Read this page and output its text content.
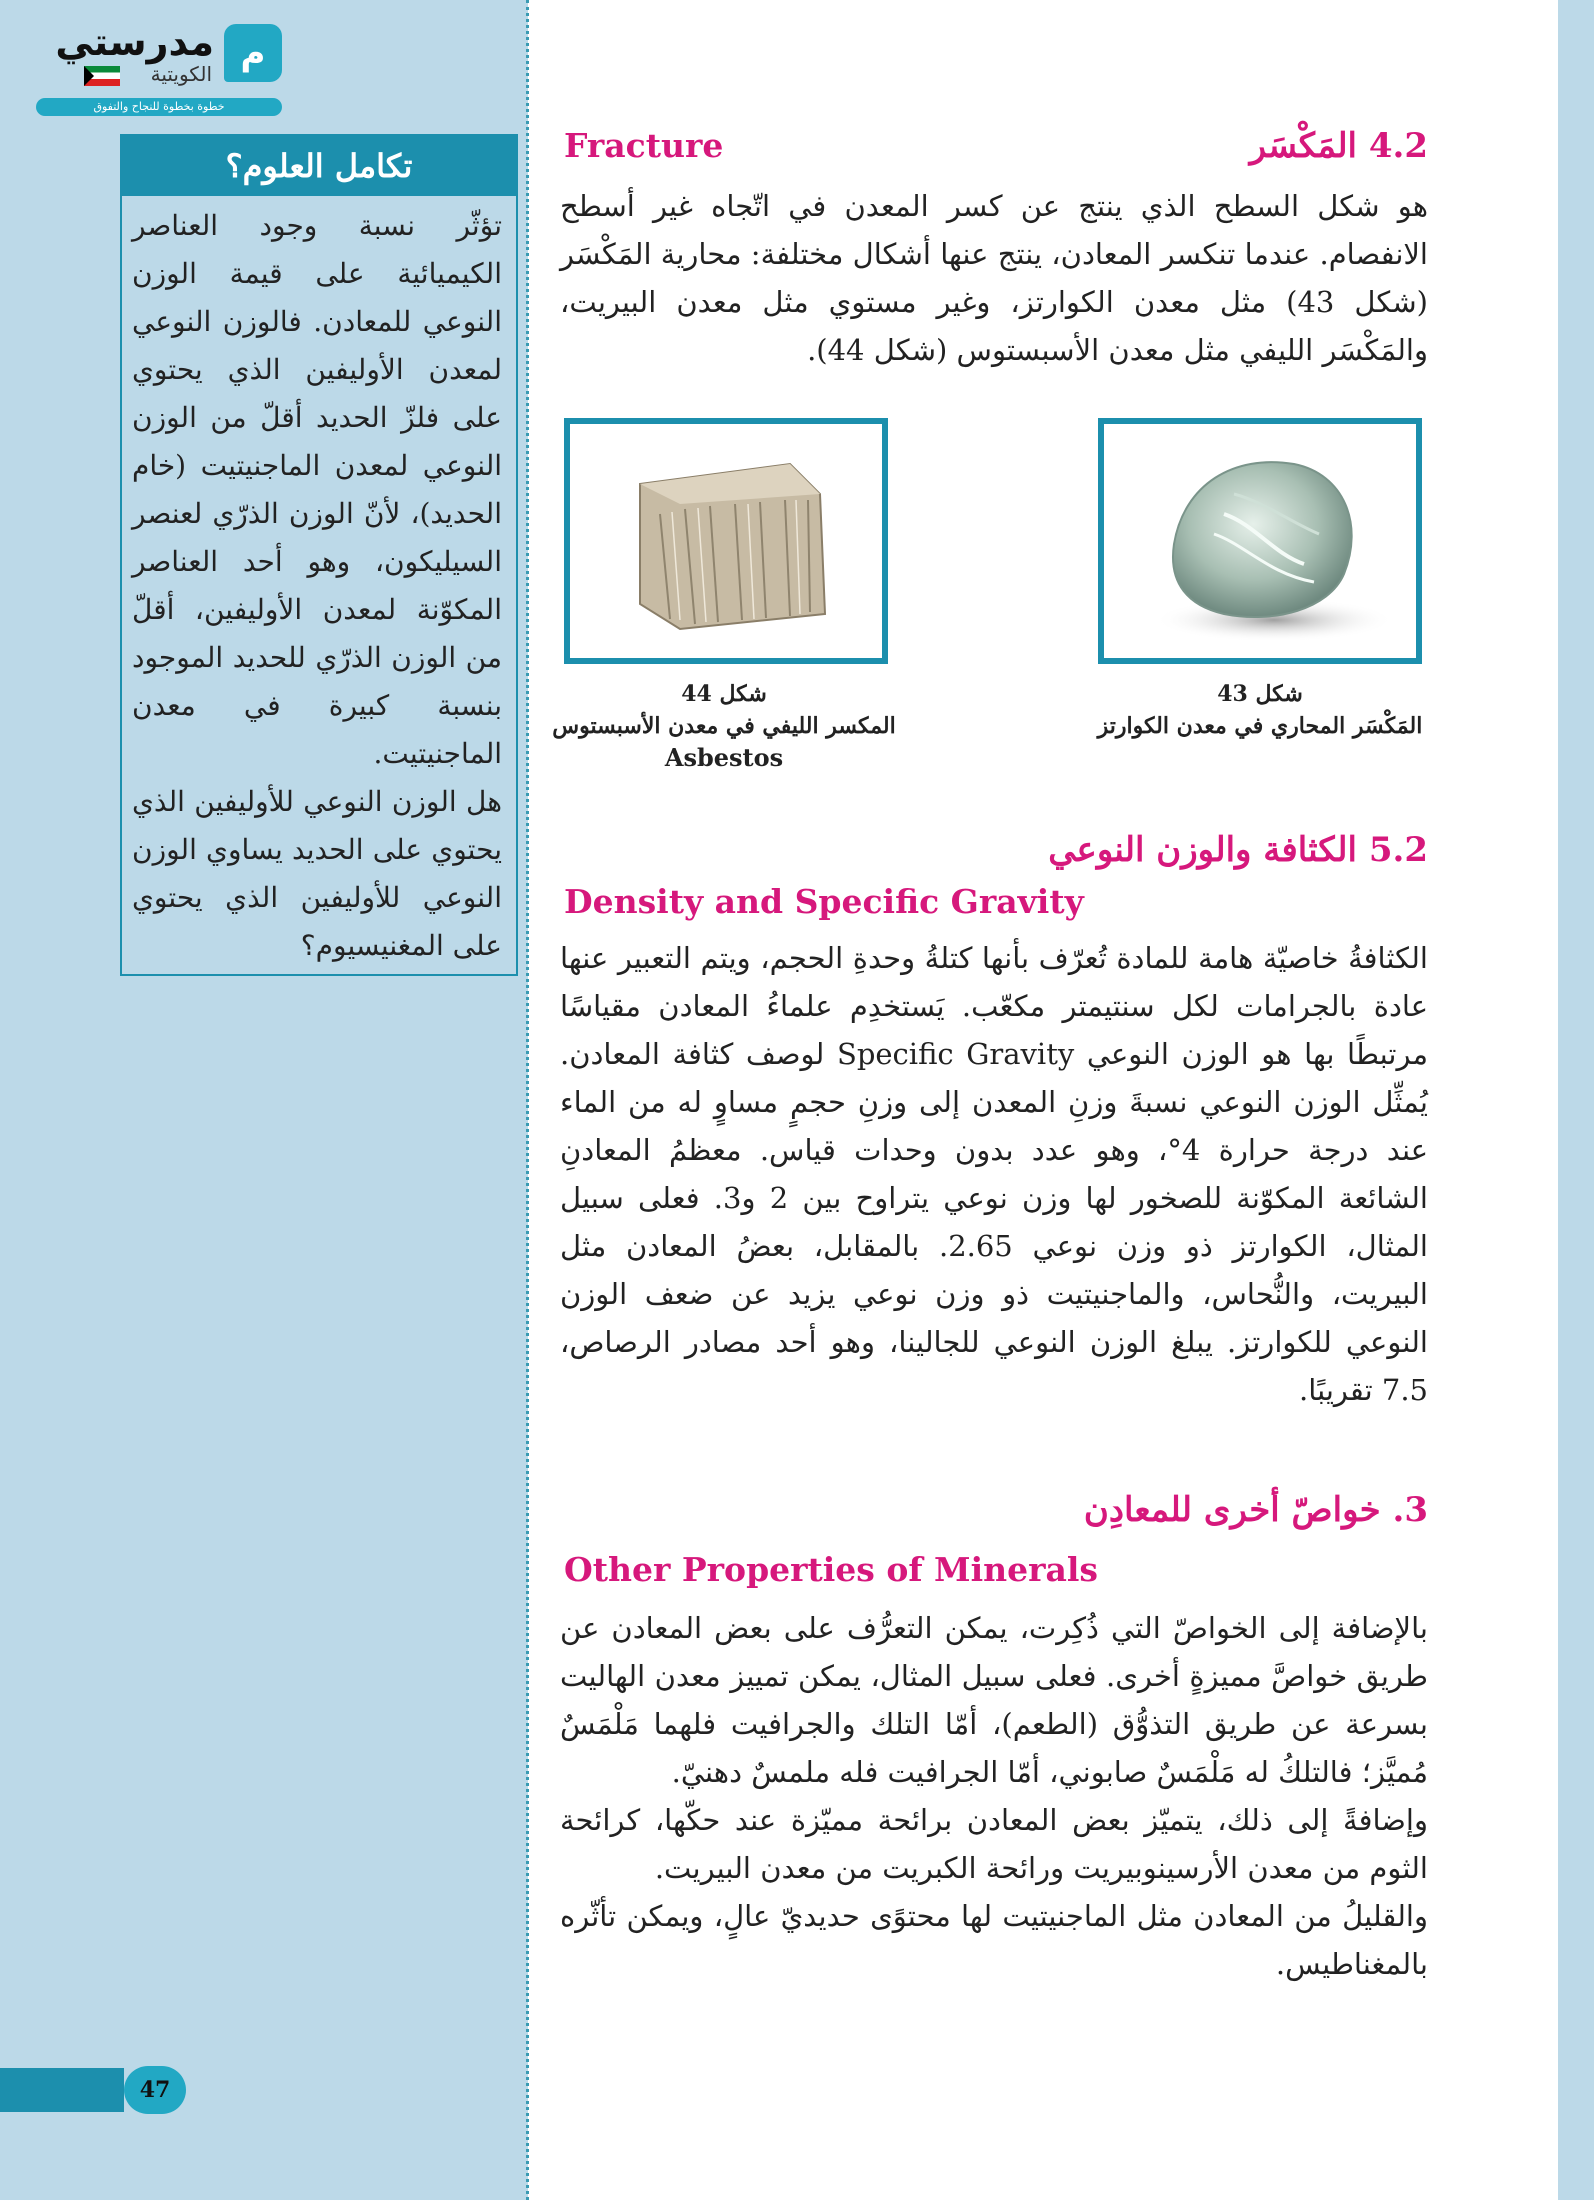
م
مدرستي
الكويتية
خطوة بخطوة للنجاح والتفوق
تكامل العلوم؟

تؤثّر نسبة وجود العناصر الكيميائية على قيمة الوزن النوعي للمعادن. فالوزن النوعي لمعدن الأوليفين الذي يحتوي على فلزّ الحديد أقلّ من الوزن النوعي لمعدن الماجنيتيت (خام الحديد)، لأنّ الوزن الذرّي لعنصر السيليكون، وهو أحد العناصر المكوّنة لمعدن الأوليفين، أقلّ من الوزن الذرّي للحديد الموجود بنسبة كبيرة في معدن الماجنيتيت.

هل الوزن النوعي للأوليفين الذي يحتوي على الحديد يساوي الوزن النوعي للأوليفين الذي يحتوي على المغنيسيوم؟

47
4.2 المَكْسَر
Fracture

هو شكل السطح الذي ينتج عن كسر المعدن في اتّجاه غير أسطح الانفصام. عندما تنكسر المعادن، ينتج عنها أشكال مختلفة: محارية المَكْسَر (شكل 43) مثل معدن الكوارتز، وغير مستوي مثل معدن البيريت، والمَكْسَر الليفي مثل معدن الأسبستوس (شكل 44).

شكل 43
المَكْسَر المحاري في معدن الكوارتز
شكل 44
المكسر الليفي في معدن الأسبستوس
Asbestos
5.2 الكثافة والوزن النوعي
Density and Specific Gravity

الكثافةُ خاصيّة هامة للمادة تُعرّف بأنها كتلةُ وحدةِ الحجم، ويتم التعبير عنها عادة بالجرامات لكل سنتيمتر مكعّب. يَستخدِم علماءُ المعادن مقياسًا مرتبطًا بها هو الوزن النوعي Specific Gravity لوصف كثافة المعادن. يُمثِّل الوزن النوعي نسبةَ وزنِ المعدن إلى وزنِ حجمٍ مساوٍ له من الماء عند درجة حرارة 4°، وهو عدد بدون وحدات قياس. معظمُ المعادنِ الشائعة المكوّنة للصخور لها وزن نوعي يتراوح بين 2 و3. فعلى سبيل المثال، الكوارتز ذو وزن نوعي 2.65. بالمقابل، بعضُ المعادن مثل البيريت، والنُّحاس، والماجنيتيت ذو وزن نوعي يزيد عن ضعف الوزن النوعي للكوارتز. يبلغ الوزن النوعي للجالينا، وهو أحد مصادر الرصاص، 7.5 تقريبًا.

3. خواصّ أخرى للمعادِن
Other Properties of Minerals

بالإضافة إلى الخواصّ التي ذُكِرت، يمكن التعرُّف على بعض المعادن عن طريق خواصَّ مميزةٍ أخرى. فعلى سبيل المثال، يمكن تمييز معدن الهاليت بسرعة عن طريق التذوُّق (الطعم)، أمّا التلك والجرافيت فلهما مَلْمَسٌ مُميَّز؛ فالتلكُ له مَلْمَسٌ صابوني، أمّا الجرافيت فله ملمسٌ دهنيّ.

وإضافةً إلى ذلك، يتميّز بعض المعادن برائحة مميّزة عند حكّها، كرائحة الثوم من معدن الأرسينوبيريت ورائحة الكبريت من معدن البيريت.

والقليلُ من المعادن مثل الماجنيتيت لها محتوًى حديديّ عالٍ، ويمكن تأثّره بالمغناطيس.
